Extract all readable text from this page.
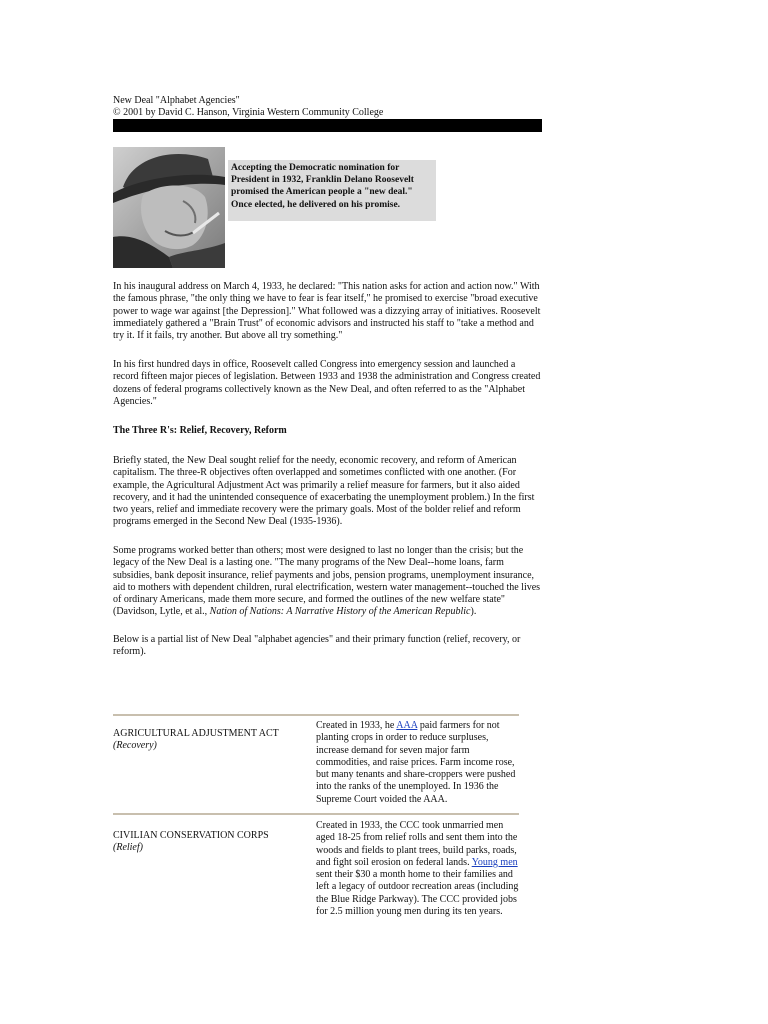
New Deal "Alphabet Agencies"

© 2001 by David C. Hanson, Virginia Western Community College

Accepting the Democratic nomination for President in 1932, Franklin Delano Roosevelt promised the American people a "new deal." Once elected, he delivered on his promise.

In his inaugural address on March 4, 1933, he declared: "This nation asks for action and action now." With the famous phrase, "the only thing we have to fear is fear itself," he promised to exercise "broad executive power to wage war against [the Depression]." What followed was a dizzying array of initiatives. Roosevelt immediately gathered a "Brain Trust" of economic advisors and instructed his staff to "take a method and try it. If it fails, try another. But above all try something."

In his first hundred days in office, Roosevelt called Congress into emergency session and launched a record fifteen major pieces of legislation. Between 1933 and 1938 the administration and Congress created dozens of federal programs collectively known as the New Deal, and often referred to as the "Alphabet Agencies."

The Three R's: Relief, Recovery, Reform

Briefly stated, the New Deal sought relief for the needy, economic recovery, and reform of American capitalism. The three-R objectives often overlapped and sometimes conflicted with one another. (For example, the Agricultural Adjustment Act was primarily a relief measure for farmers, but it also aided recovery, and it had the unintended consequence of exacerbating the unemployment problem.) In the first two years, relief and immediate recovery were the primary goals. Most of the bolder relief and reform programs emerged in the Second New Deal (1935-1936).

Some programs worked better than others; most were designed to last no longer than the crisis; but the legacy of the New Deal is a lasting one. "The many programs of the New Deal--home loans, farm subsidies, bank deposit insurance, relief payments and jobs, pension programs, unemployment insurance, aid to mothers with dependent children, rural electrification, western water management--touched the lives of ordinary Americans, made them more secure, and formed the outlines of the new welfare state" (Davidson, Lytle, et al., Nation of Nations: A Narrative History of the American Republic).

Below is a partial list of New Deal "alphabet agencies" and their primary function (relief, recovery, or reform).

AGRICULTURAL ADJUSTMENT ACT
(Recovery)

Created in 1933, he AAA paid farmers for not planting crops in order to reduce surpluses, increase demand for seven major farm commodities, and raise prices. Farm income rose, but many tenants and share-croppers were pushed into the ranks of the unemployed. In 1936 the Supreme Court voided the AAA.

CIVILIAN CONSERVATION CORPS
(Relief)

Created in 1933, the CCC took unmarried men aged 18-25 from relief rolls and sent them into the woods and fields to plant trees, build parks, roads, and fight soil erosion on federal lands. Young men sent their $30 a month home to their families and left a legacy of outdoor recreation areas (including the Blue Ridge Parkway). The CCC provided jobs for 2.5 million young men during its ten years.
